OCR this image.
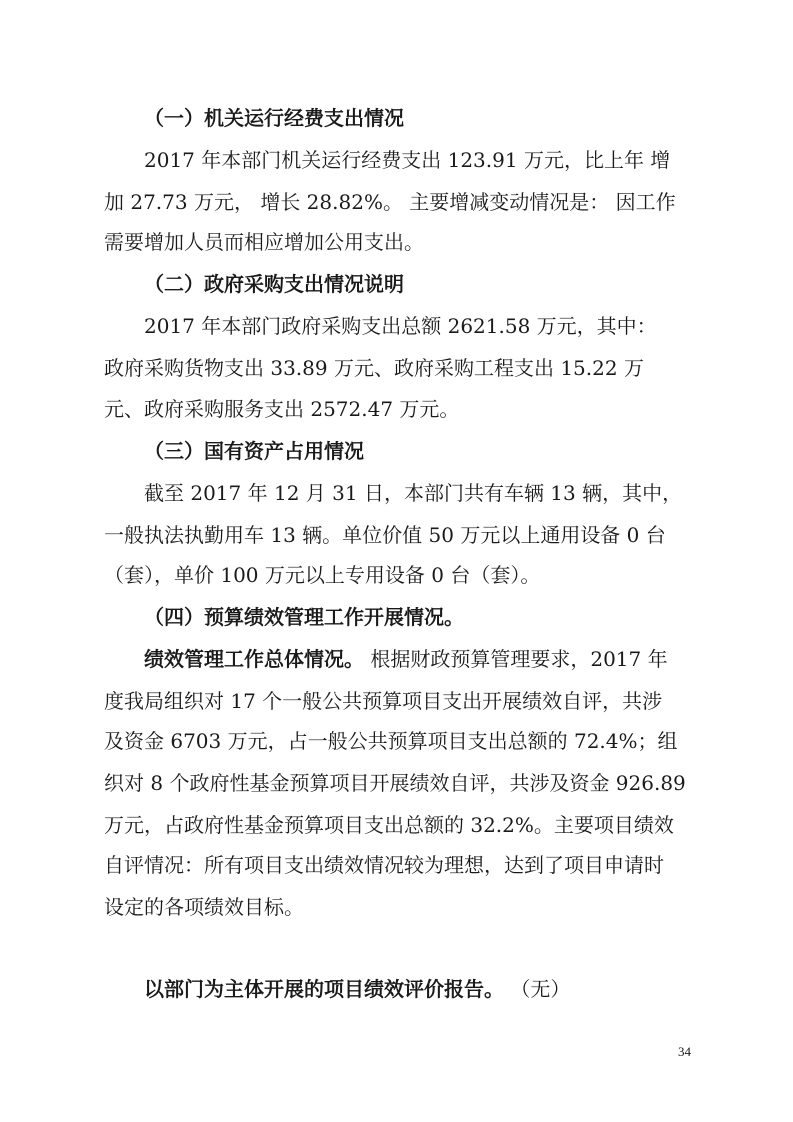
（一）机关运行经费支出情况
2017 年本部门机关运行经费支出 123.91 万元，比上年 增
加 27.73 万元， 增长 28.82%。 主要增减变动情况是： 因工作
需要增加人员而相应增加公用支出。
（二）政府采购支出情况说明
2017 年本部门政府采购支出总额 2621.58 万元，其中：
政府采购货物支出 33.89 万元、政府采购工程支出 15.22 万
元、政府采购服务支出 2572.47 万元。
（三）国有资产占用情况
截至 2017 年 12 月 31 日，本部门共有车辆 13 辆，其中，
一般执法执勤用车 13 辆。单位价值 50 万元以上通用设备 0 台
（套），单价 100 万元以上专用设备 0 台（套）。
（四）预算绩效管理工作开展情况。
绩效管理工作总体情况。 根据财政预算管理要求，2017 年
度我局组织对 17 个一般公共预算项目支出开展绩效自评，共涉
及资金 6703 万元，占一般公共预算项目支出总额的 72.4%；组
织对 8 个政府性基金预算项目开展绩效自评，共涉及资金 926.89
万元，占政府性基金预算项目支出总额的 32.2%。主要项目绩效
自评情况：所有项目支出绩效情况较为理想，达到了项目申请时
设定的各项绩效目标。
以部门为主体开展的项目绩效评价报告。 （无）
34
